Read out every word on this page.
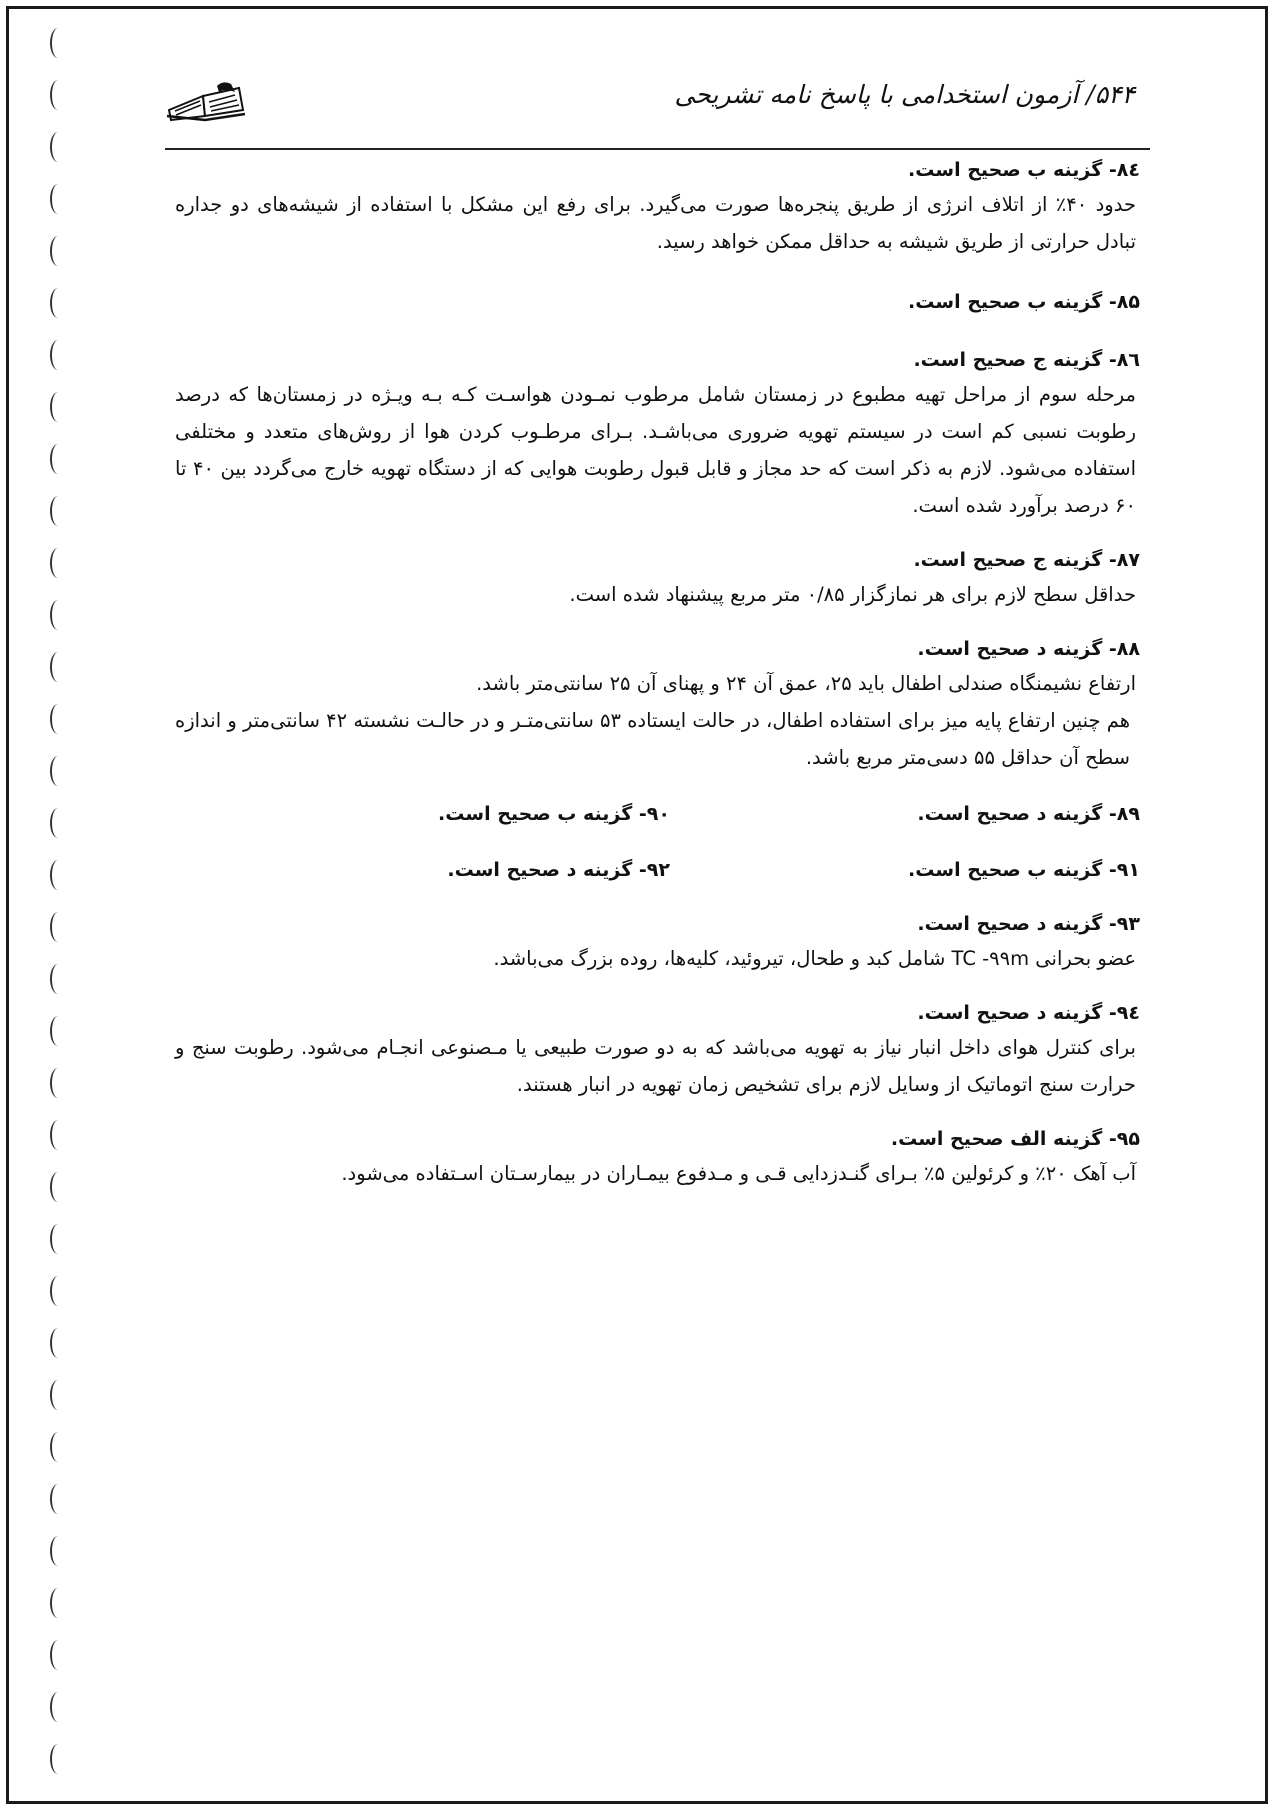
۵۴۴/ آزمون استخدامی با پاسخ نامه تشریحی
۸٤- گزینه ب صحیح است.
حدود ۴۰٪ از اتلاف انرژی از طریق پنجره‌ها صورت می‌گیرد. برای رفع این مشکل با استفاده از شیشه‌های دو جداره تبادل حرارتی از طریق شیشه به حداقل ممکن خواهد رسید.
۸۵- گزینه ب صحیح است.
۸٦- گزینه ج صحیح است.
مرحله سوم از مراحل تهیه مطبوع در زمستان شامل مرطوب نمـودن هواسـت کـه بـه ویـژه در زمستان‌ها که درصد رطوبت نسبی کم است در سیستم تهویه ضروری می‌باشـد. بـرای مرطـوب کردن هوا از روش‌های متعدد و مختلفی استفاده می‌شود. لازم به ذکر است که حد مجاز و قابل قبول رطوبت هوایی که از دستگاه تهویه خارج می‌گردد بین ۴۰ تا ۶۰ درصد برآورد شده است.
۸۷- گزینه ج صحیح است.
حداقل سطح لازم برای هر نمازگزار ۰/۸۵ متر مربع پیشنهاد شده است.
۸۸- گزینه د صحیح است.
ارتفاع نشیمنگاه صندلی اطفال باید ۲۵، عمق آن ۲۴ و پهنای آن ۲۵ سانتی‌متر باشد.
هم چنین ارتفاع پایه میز برای استفاده اطفال، در حالت ایستاده ۵۳ سانتی‌متـر و در حالـت نشسته ۴۲ سانتی‌متر و اندازه سطح آن حداقل ۵۵ دسی‌متر مربع باشد.
۸۹- گزینه د صحیح است.
۹۰- گزینه ب صحیح است.
۹۱- گزینه ب صحیح است.
۹۲- گزینه د صحیح است.
۹۳- گزینه د صحیح است.
عضو بحرانی TC -۹۹m شامل کبد و طحال، تیروئید، کلیه‌ها، روده بزرگ می‌باشد.
۹٤- گزینه د صحیح است.
برای کنترل هوای داخل انبار نیاز به تهویه می‌باشد که به دو صورت طبیعی یا مـصنوعی انجـام می‌شود. رطوبت سنج و حرارت سنج اتوماتیک از وسایل لازم برای تشخیص زمان تهویه در انبار هستند.
۹۵- گزینه الف صحیح است.
آب آهک ۲۰٪ و کرئولین ۵٪ بـرای گنـدزدایی قـی و مـدفوع بیمـاران در بیمارسـتان اسـتفاده می‌شود.
